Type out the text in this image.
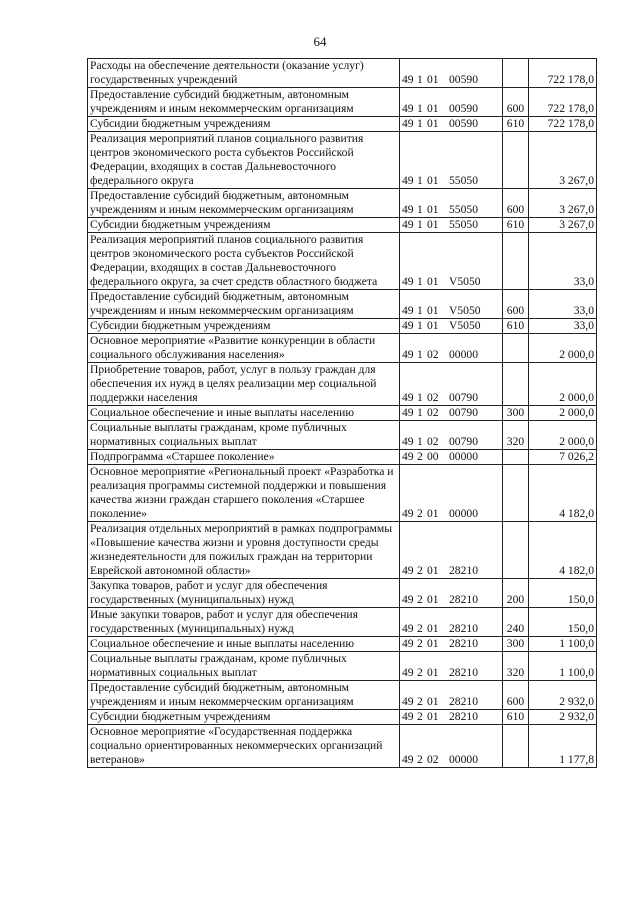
64
Расходы на обеспечение деятельности (оказание услуг) государственных учреждений	49 1 01 00590		722 178,0
Предоставление субсидий бюджетным, автономным учреждениям и иным некоммерческим организациям	49 1 01 00590	600	722 178,0
Субсидии бюджетным учреждениям	49 1 01 00590	610	722 178,0
Реализация мероприятий планов социального развития центров экономического роста субъектов Российской Федерации, входящих в состав Дальневосточного федерального округа	49 1 01 55050		3 267,0
Предоставление субсидий бюджетным, автономным учреждениям и иным некоммерческим организациям	49 1 01 55050	600	3 267,0
Субсидии бюджетным учреждениям	49 1 01 55050	610	3 267,0
Реализация мероприятий планов социального развития центров экономического роста субъектов Российской Федерации, входящих в состав Дальневосточного федерального округа, за счет средств областного бюджета	49 1 01 V5050		33,0
Предоставление субсидий бюджетным, автономным учреждениям и иным некоммерческим организациям	49 1 01 V5050	600	33,0
Субсидии бюджетным учреждениям	49 1 01 V5050	610	33,0
Основное мероприятие «Развитие конкуренции в области социального обслуживания населения»	49 1 02 00000		2 000,0
Приобретение товаров, работ, услуг в пользу граждан для обеспечения их нужд в целях реализации мер социальной поддержки населения	49 1 02 00790		2 000,0
Социальное обеспечение и иные выплаты населению	49 1 02 00790	300	2 000,0
Социальные выплаты гражданам, кроме публичных нормативных социальных выплат	49 1 02 00790	320	2 000,0
Подпрограмма «Старшее поколение»	49 2 00 00000		7 026,2
Основное мероприятие «Региональный проект «Разработка и реализация программы системной поддержки и повышения качества жизни граждан старшего поколения «Старшее поколение»	49 2 01 00000		4 182,0
Реализация отдельных мероприятий в рамках подпрограммы «Повышение качества жизни и уровня доступности среды жизнедеятельности для пожилых граждан на территории Еврейской автономной области»	49 2 01 28210		4 182,0
Закупка товаров, работ и услуг для обеспечения государственных (муниципальных) нужд	49 2 01 28210	200	150,0
Иные закупки товаров, работ и услуг для обеспечения государственных (муниципальных) нужд	49 2 01 28210	240	150,0
Социальное обеспечение и иные выплаты населению	49 2 01 28210	300	1 100,0
Социальные выплаты гражданам, кроме публичных нормативных социальных выплат	49 2 01 28210	320	1 100,0
Предоставление субсидий бюджетным, автономным учреждениям и иным некоммерческим организациям	49 2 01 28210	600	2 932,0
Субсидии бюджетным учреждениям	49 2 01 28210	610	2 932,0
Основное мероприятие «Государственная поддержка социально ориентированных некоммерческих организаций ветеранов»	49 2 02 00000		1 177,8
